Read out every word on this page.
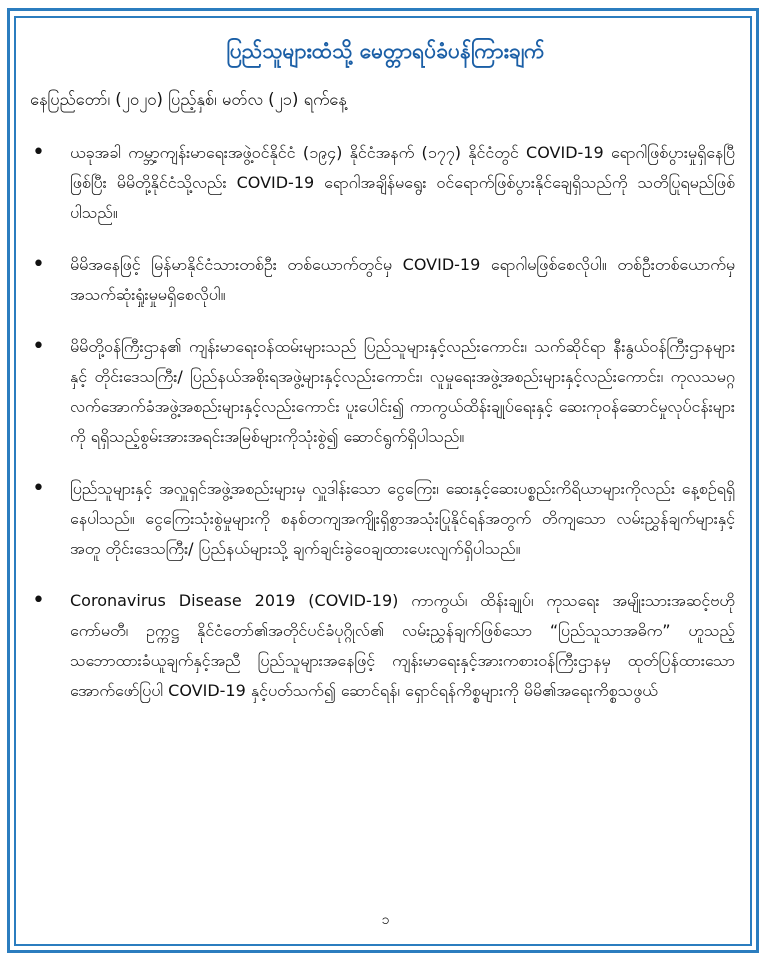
ပြည်သူများထံသို့ မေတ္တာရပ်ခံပန်ကြားချက်
နေပြည်တော်၊ (၂၀၂၀) ပြည့်နှစ်၊ မတ်လ (၂၁) ရက်နေ့
• ယခုအခါ ကမ္ဘာ့ကျန်းမာရေးအဖွဲ့ဝင်နိုင်ငံ (၁၉၄) နိုင်ငံအနက် (၁၇၇) နိုင်ငံတွင် COVID-19 ရောဂါဖြစ်ပွားမှုရှိနေပြီဖြစ်ပြီး မိမိတို့နိုင်ငံသို့လည်း COVID-19 ရောဂါအချိန်မရွေး ဝင်ရောက်ဖြစ်ပွားနိုင်ချေရှိသည်ကို သတိပြုရမည်ဖြစ်ပါသည်။
• မိမိအနေဖြင့် မြန်မာနိုင်ငံသားတစ်ဦး တစ်ယောက်တွင်မှ COVID-19 ရောဂါမဖြစ်စေလိုပါ။ တစ်ဦးတစ်ယောက်မှ အသက်ဆုံးရှုံးမှုမရှိစေလိုပါ။
• မိမိတို့ဝန်ကြီးဌာန၏ ကျန်းမာရေးဝန်ထမ်းများသည် ပြည်သူများနှင့်လည်းကောင်း၊ သက်ဆိုင်ရာ နီးနွယ်ဝန်ကြီးဌာနများနှင့် တိုင်းဒေသကြီး/ ပြည်နယ်အစိုးရအဖွဲ့များနှင့်လည်းကောင်း၊ လူမှုရေးအဖွဲ့အစည်းများနှင့်လည်းကောင်း၊ ကုလသမဂ္ဂ လက်အောက်ခံအဖွဲ့အစည်းများနှင့်လည်းကောင်း ပူးပေါင်း၍ ကာကွယ်ထိန်းချုပ်ရေးနှင့် ဆေးကုဝန်ဆောင်မှုလုပ်ငန်းများကို ရရှိသည့်စွမ်းအားအရင်းအမြစ်များကိုသုံးစွဲ၍ ဆောင်ရွက်ရှိပါသည်။
• ပြည်သူများနှင့် အလှူရှင်အဖွဲ့အစည်းများမှ လှူဒါန်းသော ငွေကြေး၊ ဆေးနှင့်ဆေးပစ္စည်းကိရိယာများကိုလည်း နေ့စဉ်ရရှိနေပါသည်။ ငွေကြေးသုံးစွဲမှုများကို စနစ်တကျအကျိုးရှိစွာအသုံးပြုနိုင်ရန်အတွက် တိကျသော လမ်းညွှန်ချက်များနှင့်အတူ တိုင်းဒေသကြီး/ ပြည်နယ်များသို့ ချက်ချင်းခွဲဝေချထားပေးလျက်ရှိပါသည်။
• Coronavirus Disease 2019 (COVID-19) ကာကွယ်၊ ထိန်းချုပ်၊ ကုသရေး အမျိုးသားအဆင့်ဗဟိုကော်မတီ၊ ဥက္ကဋ္ဌ နိုင်ငံတော်၏အတိုင်ပင်ခံပုဂ္ဂိုလ်၏ လမ်းညွှန်ချက်ဖြစ်သော “ပြည်သူသာအဓိက” ဟူသည့် သဘောထားခံယူချက်နှင့်အညီ ပြည်သူများအနေဖြင့် ကျန်းမာရေးနှင့်အားကစားဝန်ကြီးဌာနမှ ထုတ်ပြန်ထားသော အောက်ဖော်ပြပါ COVID-19 နှင့်ပတ်သက်၍ ဆောင်ရန်၊ ရှောင်ရန်ကိစ္စများကို မိမိ၏အရေးကိစ္စသဖွယ်
၁
